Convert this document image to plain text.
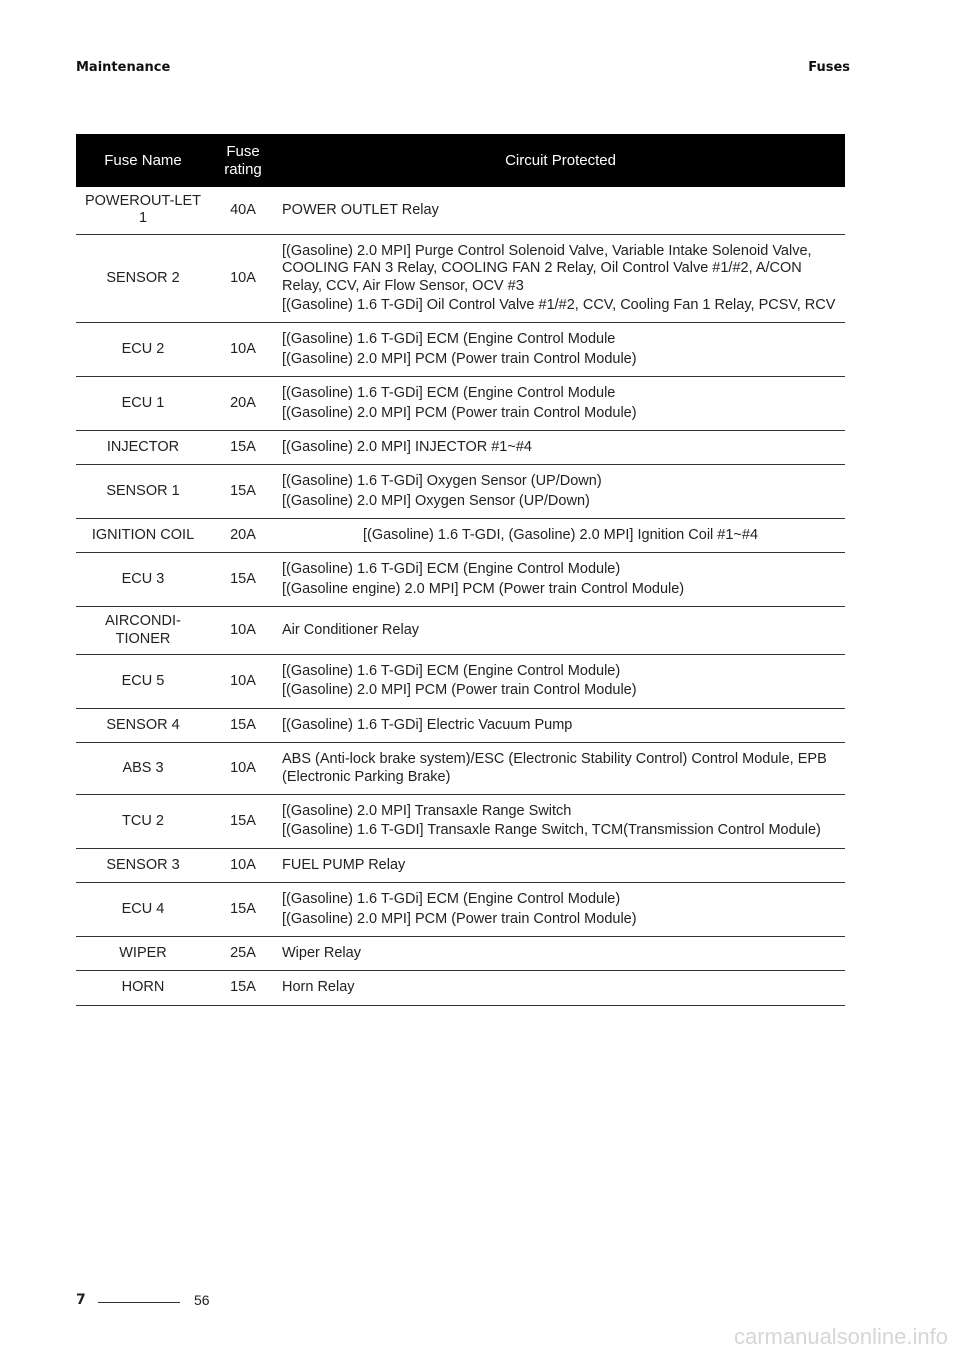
Maintenance	Fuses
Fuse Name	Fuse rating	Circuit Protected
POWEROUT-LET 1	40A	POWER OUTLET Relay

SENSOR 2	10A	[(Gasoline) 2.0 MPI] Purge Control Solenoid Valve, Variable Intake Solenoid Valve, COOLING FAN 3 Relay, COOLING FAN 2 Relay, Oil Control Valve #1/#2, A/CON Relay, CCV, Air Flow Sensor, OCV #3
[(Gasoline) 1.6 T-GDi] Oil Control Valve #1/#2, CCV, Cooling Fan 1 Relay, PCSV, RCV

ECU 2	10A	[(Gasoline) 1.6 T-GDi] ECM (Engine Control Module
[(Gasoline) 2.0 MPI] PCM (Power train Control Module)

ECU 1	20A	[(Gasoline) 1.6 T-GDi] ECM (Engine Control Module
[(Gasoline) 2.0 MPI] PCM (Power train Control Module)

INJECTOR	15A	[(Gasoline) 2.0 MPI] INJECTOR #1~#4

SENSOR 1	15A	[(Gasoline) 1.6 T-GDi] Oxygen Sensor (UP/Down)
[(Gasoline) 2.0 MPI] Oxygen Sensor (UP/Down)

IGNITION COIL	20A	[(Gasoline) 1.6 T-GDI, (Gasoline) 2.0 MPI] Ignition Coil #1~#4

ECU 3	15A	[(Gasoline) 1.6 T-GDi] ECM (Engine Control Module)
[(Gasoline engine) 2.0 MPI] PCM (Power train Control Module)

AIRCONDI-TIONER	10A	Air Conditioner Relay

ECU 5	10A	[(Gasoline) 1.6 T-GDi] ECM (Engine Control Module)
[(Gasoline) 2.0 MPI] PCM (Power train Control Module)

SENSOR 4	15A	[(Gasoline) 1.6 T-GDi] Electric Vacuum Pump

ABS 3	10A	ABS (Anti-lock brake system)/ESC (Electronic Stability Control) Control Module, EPB (Electronic Parking Brake)

TCU 2	15A	[(Gasoline) 2.0 MPI] Transaxle Range Switch
[(Gasoline) 1.6 T-GDI] Transaxle Range Switch, TCM(Transmission Control Module)

SENSOR 3	10A	FUEL PUMP Relay

ECU 4	15A	[(Gasoline) 1.6 T-GDi] ECM (Engine Control Module)
[(Gasoline) 2.0 MPI] PCM (Power train Control Module)

WIPER	25A	Wiper Relay

HORN	15A	Horn Relay
7	56
carmanualsonline.info
